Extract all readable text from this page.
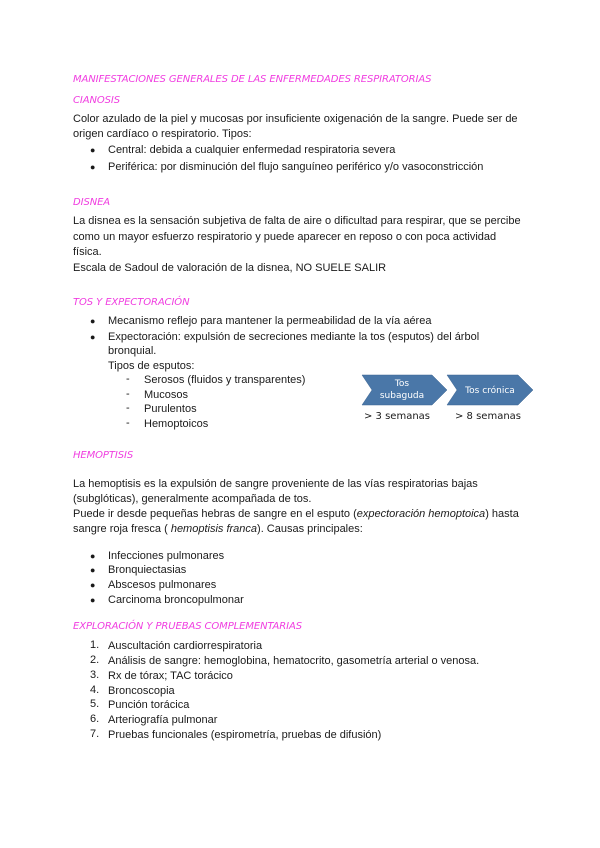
MANIFESTACIONES GENERALES DE LAS ENFERMEDADES RESPIRATORIAS
CIANOSIS
Color azulado de la piel y mucosas por insuficiente oxigenación de la sangre. Puede ser de
origen cardíaco o respiratorio. Tipos:
● Central: debida a cualquier enfermedad respiratoria severa
● Periférica: por disminución del flujo sanguíneo periférico y/o vasoconstricción
DISNEA
La disnea es la sensación subjetiva de falta de aire o dificultad para respirar, que se percibe
como un mayor esfuerzo respiratorio y puede aparecer en reposo o con poca actividad
física.
Escala de Sadoul de valoración de la disnea, NO SUELE SALIR
TOS Y EXPECTORACIÓN
● Mecanismo reflejo para mantener la permeabilidad de la vía aérea
● Expectoración: expulsión de secreciones mediante la tos (esputos) del árbol
bronquial.
Tipos de esputos:
- Serosos (fluidos y transparentes)
- Mucosos
- Purulentos
- Hemoptoicos
Tos
subaguda	Tos crónica
> 3 semanas > 8 semanas
HEMOPTISIS
La hemoptisis es la expulsión de sangre proveniente de las vías respiratorias bajas
(subglóticas), generalmente acompañada de tos.
Puede ir desde pequeñas hebras de sangre en el esputo (expectoración hemoptoica) hasta
sangre roja fresca ( hemoptisis franca). Causas principales:
● Infecciones pulmonares
● Bronquiectasias
● Abscesos pulmonares
● Carcinoma broncopulmonar
EXPLORACIÓN Y PRUEBAS COMPLEMENTARIAS
1. Auscultación cardiorrespiratoria
2. Análisis de sangre: hemoglobina, hematocrito, gasometría arterial o venosa.
3. Rx de tórax; TAC torácico
4. Broncoscopia
5. Punción torácica
6. Arteriografía pulmonar
7. Pruebas funcionales (espirometría, pruebas de difusión)
